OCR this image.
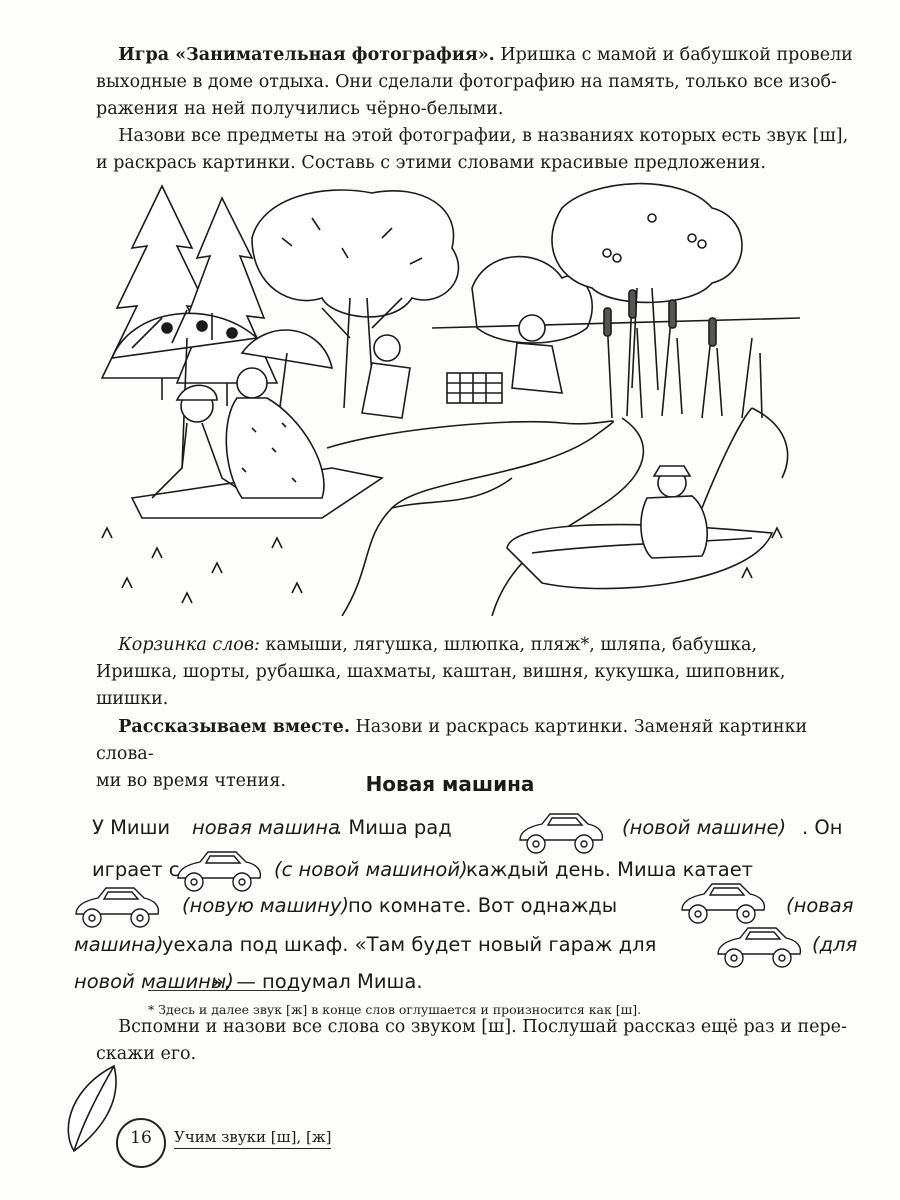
Игра «Занимательная фотография». Иришка с мамой и бабушкой провели
выходные в доме отдыха. Они сделали фотографию на память, только все изоб-
ражения на ней получились чёрно-белыми.

Назови все предметы на этой фотографии, в названиях которых есть звук [ш],
и раскрась картинки. Составь с этими словами красивые предложения.

Корзинка слов: камыши, лягушка, шлюпка, пляж*, шляпа, бабушка,
Иришка, шорты, рубашка, шахматы, каштан, вишня, кукушка, шиповник,
шишки.

Рассказываем вместе. Назови и раскрась картинки. Заменяй картинки слова-
ми во время чтения.	Новая машина
У Миши новая машина
. Миша рад	(новой машине) . Он
играет с	(с новой машиной)
каждый день. Миша катает
(новую машину)
по комнате. Вот однажды	(новая
машина)
уехала под шкаф. «Там будет новый гараж для	(для
новой машины)
», — подумал Миша.

Вспомни и назови все слова со звуком [ш]. Послушай рассказ ещё раз и пере-
скажи его.

* Здесь и далее звук [ж] в конце слов оглушается и произносится как [ш].
16	Учим звуки [ш], [ж]
